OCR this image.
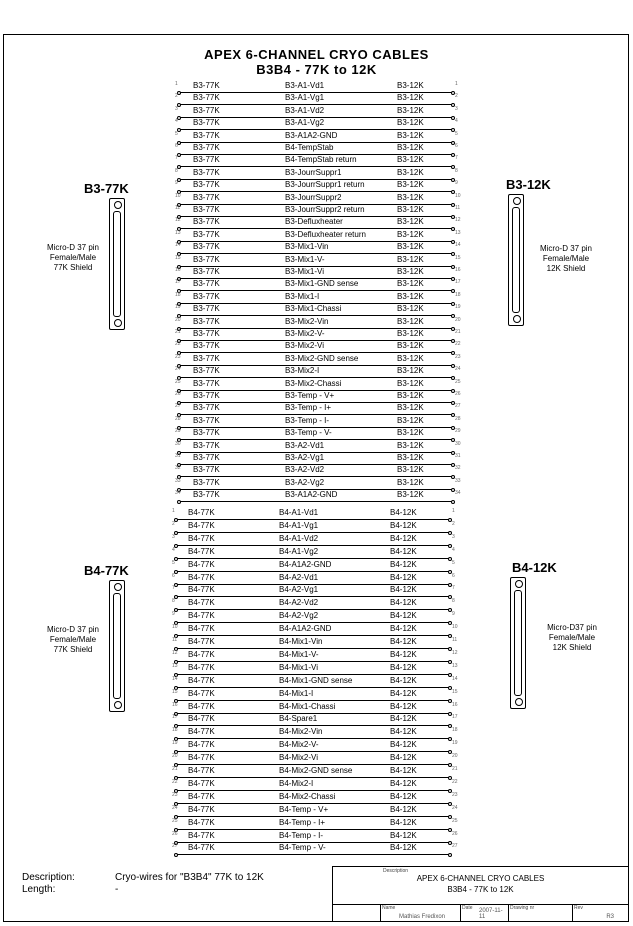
APEX 6-CHANNEL CRYO CABLES
B3B4 - 77K to 12K
B3-77K
Micro-D 37 pin
Female/Male
77K Shield
B3-12K
Micro-D 37 pin
Female/Male
12K Shield
B4-77K
Micro-D 37 pin
Female/Male
77K Shield
B4-12K
Micro-D37 pin
Female/Male
12K Shield
1 B3-77K	B3-A1-Vd1	B3-12K	1
2 B3-77K	B3-A1-Vg1	B3-12K	2
3 B3-77K	B3-A1-Vd2	B3-12K	3
4 B3-77K	B3-A1-Vg2	B3-12K	4
5 B3-77K	B3-A1A2-GND	B3-12K	5
6 B3-77K	B4-TempStab	B3-12K	6
7 B3-77K	B4-TempStab return	B3-12K	7
8 B3-77K	B3-JourrSuppr1	B3-12K	8
9 B3-77K	B3-JourrSuppr1 return	B3-12K	9
10 B3-77K	B3-JourrSuppr2	B3-12K	10
11 B3-77K	B3-JourrSuppr2 return	B3-12K	11
12 B3-77K	B3-Defluxheater	B3-12K	12
13 B3-77K	B3-Defluxheater return	B3-12K	13
14 B3-77K	B3-Mix1-Vin	B3-12K	14
15 B3-77K	B3-Mix1-V-	B3-12K	15
16 B3-77K	B3-Mix1-Vi	B3-12K	16
17 B3-77K	B3-Mix1-GND sense	B3-12K	17
18 B3-77K	B3-Mix1-I	B3-12K	18
19 B3-77K	B3-Mix1-Chassi	B3-12K	19
20 B3-77K	B3-Mix2-Vin	B3-12K	20
21 B3-77K	B3-Mix2-V-	B3-12K	21
22 B3-77K	B3-Mix2-Vi	B3-12K	22
23 B3-77K	B3-Mix2-GND sense	B3-12K	23
24 B3-77K	B3-Mix2-I	B3-12K	24
25 B3-77K	B3-Mix2-Chassi	B3-12K	25
26 B3-77K	B3-Temp - V+	B3-12K	26
27 B3-77K	B3-Temp - I+	B3-12K	27
28 B3-77K	B3-Temp - I-	B3-12K	28
29 B3-77K	B3-Temp - V-	B3-12K	29
30 B3-77K	B3-A2-Vd1	B3-12K	30
31 B3-77K	B3-A2-Vg1	B3-12K	31
32 B3-77K	B3-A2-Vd2	B3-12K	32
33 B3-77K	B3-A2-Vg2	B3-12K	33
34 B3-77K	B3-A1A2-GND	B3-12K	34
1 B4-77K	B4-A1-Vd1	B4-12K	1
2 B4-77K	B4-A1-Vg1	B4-12K	2
3 B4-77K	B4-A1-Vd2	B4-12K	3
4 B4-77K	B4-A1-Vg2	B4-12K	4
5 B4-77K	B4-A1A2-GND	B4-12K	5
6 B4-77K	B4-A2-Vd1	B4-12K	6
7 B4-77K	B4-A2-Vg1	B4-12K	7
8 B4-77K	B4-A2-Vd2	B4-12K	8
9 B4-77K	B4-A2-Vg2	B4-12K	9
10 B4-77K	B4-A1A2-GND	B4-12K	10
11 B4-77K	B4-Mix1-Vin	B4-12K	11
12 B4-77K	B4-Mix1-V-	B4-12K	12
13 B4-77K	B4-Mix1-Vi	B4-12K	13
14 B4-77K	B4-Mix1-GND sense	B4-12K	14
15 B4-77K	B4-Mix1-I	B4-12K	15
16 B4-77K	B4-Mix1-Chassi	B4-12K	16
17 B4-77K	B4-Spare1	B4-12K	17
18 B4-77K	B4-Mix2-Vin	B4-12K	18
19 B4-77K	B4-Mix2-V-	B4-12K	19
20 B4-77K	B4-Mix2-Vi	B4-12K	20
21 B4-77K	B4-Mix2-GND sense	B4-12K	21
22 B4-77K	B4-Mix2-I	B4-12K	22
23 B4-77K	B4-Mix2-Chassi	B4-12K	23
24 B4-77K	B4-Temp - V+	B4-12K	24
25 B4-77K	B4-Temp - I+	B4-12K	25
26 B4-77K	B4-Temp - I-	B4-12K	26
27 B4-77K	B4-Temp - V-	B4-12K	27
Description:	Cryo-wires for "B3B4" 77K to 12K
Length:	-
Description
APEX 6-CHANNEL CRYO CABLES
B3B4 - 77K to 12K
Name
Mathias Fredixon
Date 2007-11-11
Drawing nr	Rev
R3
